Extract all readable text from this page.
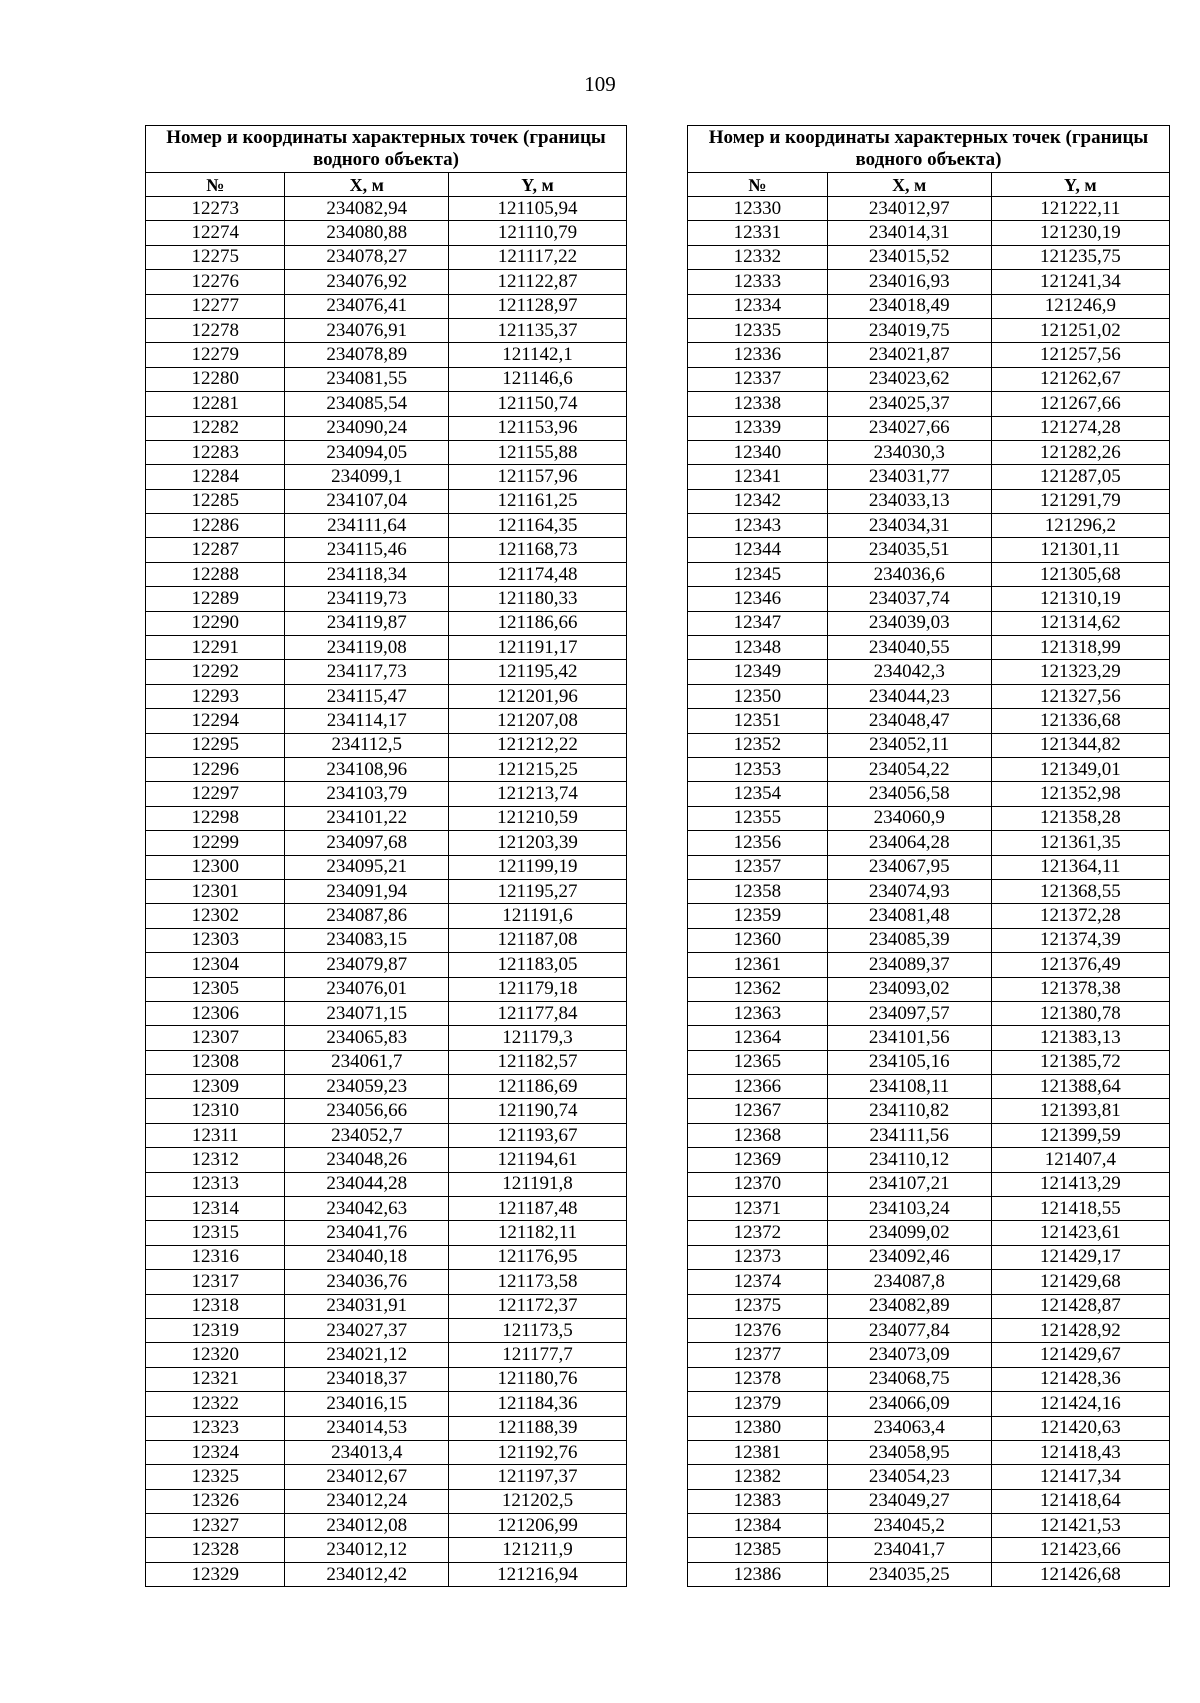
109
Номер и координаты характерных точек (границы водного объекта)		
№	X, м	Y, м
12273	234082,94	121105,94
12274	234080,88	121110,79
12275	234078,27	121117,22
12276	234076,92	121122,87
12277	234076,41	121128,97
12278	234076,91	121135,37
12279	234078,89	121142,1
12280	234081,55	121146,6
12281	234085,54	121150,74
12282	234090,24	121153,96
12283	234094,05	121155,88
12284	234099,1	121157,96
12285	234107,04	121161,25
12286	234111,64	121164,35
12287	234115,46	121168,73
12288	234118,34	121174,48
12289	234119,73	121180,33
12290	234119,87	121186,66
12291	234119,08	121191,17
12292	234117,73	121195,42
12293	234115,47	121201,96
12294	234114,17	121207,08
12295	234112,5	121212,22
12296	234108,96	121215,25
12297	234103,79	121213,74
12298	234101,22	121210,59
12299	234097,68	121203,39
12300	234095,21	121199,19
12301	234091,94	121195,27
12302	234087,86	121191,6
12303	234083,15	121187,08
12304	234079,87	121183,05
12305	234076,01	121179,18
12306	234071,15	121177,84
12307	234065,83	121179,3
12308	234061,7	121182,57
12309	234059,23	121186,69
12310	234056,66	121190,74
12311	234052,7	121193,67
12312	234048,26	121194,61
12313	234044,28	121191,8
12314	234042,63	121187,48
12315	234041,76	121182,11
12316	234040,18	121176,95
12317	234036,76	121173,58
12318	234031,91	121172,37
12319	234027,37	121173,5
12320	234021,12	121177,7
12321	234018,37	121180,76
12322	234016,15	121184,36
12323	234014,53	121188,39
12324	234013,4	121192,76
12325	234012,67	121197,37
12326	234012,24	121202,5
12327	234012,08	121206,99
12328	234012,12	121211,9
12329	234012,42	121216,94
Номер и координаты характерных точек (границы водного объекта)		
№	X, м	Y, м
12330	234012,97	121222,11
12331	234014,31	121230,19
12332	234015,52	121235,75
12333	234016,93	121241,34
12334	234018,49	121246,9
12335	234019,75	121251,02
12336	234021,87	121257,56
12337	234023,62	121262,67
12338	234025,37	121267,66
12339	234027,66	121274,28
12340	234030,3	121282,26
12341	234031,77	121287,05
12342	234033,13	121291,79
12343	234034,31	121296,2
12344	234035,51	121301,11
12345	234036,6	121305,68
12346	234037,74	121310,19
12347	234039,03	121314,62
12348	234040,55	121318,99
12349	234042,3	121323,29
12350	234044,23	121327,56
12351	234048,47	121336,68
12352	234052,11	121344,82
12353	234054,22	121349,01
12354	234056,58	121352,98
12355	234060,9	121358,28
12356	234064,28	121361,35
12357	234067,95	121364,11
12358	234074,93	121368,55
12359	234081,48	121372,28
12360	234085,39	121374,39
12361	234089,37	121376,49
12362	234093,02	121378,38
12363	234097,57	121380,78
12364	234101,56	121383,13
12365	234105,16	121385,72
12366	234108,11	121388,64
12367	234110,82	121393,81
12368	234111,56	121399,59
12369	234110,12	121407,4
12370	234107,21	121413,29
12371	234103,24	121418,55
12372	234099,02	121423,61
12373	234092,46	121429,17
12374	234087,8	121429,68
12375	234082,89	121428,87
12376	234077,84	121428,92
12377	234073,09	121429,67
12378	234068,75	121428,36
12379	234066,09	121424,16
12380	234063,4	121420,63
12381	234058,95	121418,43
12382	234054,23	121417,34
12383	234049,27	121418,64
12384	234045,2	121421,53
12385	234041,7	121423,66
12386	234035,25	121426,68
